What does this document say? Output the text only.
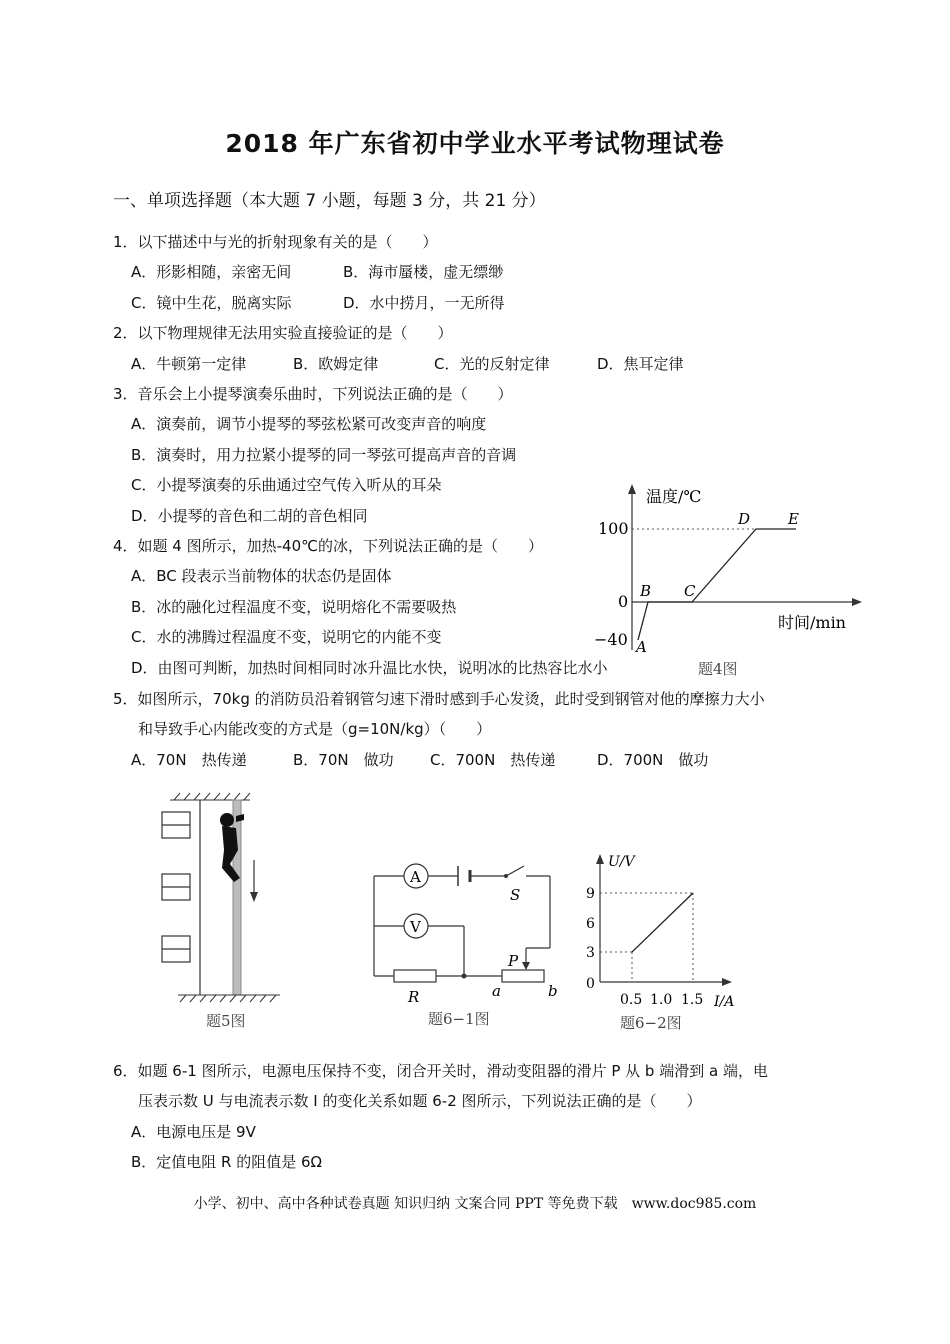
2018 年广东省初中学业水平考试物理试卷
一、单项选择题（本大题 7 小题，每题 3 分，共 21 分）
1．以下描述中与光的折射现象有关的是（　　）
A．形影相随，亲密无间	B．海市蜃楼，虚无缥缈
C．镜中生花，脱离实际	D．水中捞月，一无所得
2．以下物理规律无法用实验直接验证的是（　　）
A．牛顿第一定律	B．欧姆定律	C．光的反射定律	D．焦耳定律
3．音乐会上小提琴演奏乐曲时，下列说法正确的是（　　）
A．演奏前，调节小提琴的琴弦松紧可改变声音的响度
B．演奏时，用力拉紧小提琴的同一琴弦可提高声音的音调
C．小提琴演奏的乐曲通过空气传入听从的耳朵
D．小提琴的音色和二胡的音色相同
4．如题 4 图所示，加热-40℃的冰，下列说法正确的是（　　）
A．BC 段表示当前物体的状态仍是固体
B．冰的融化过程温度不变，说明熔化不需要吸热
C．水的沸腾过程温度不变，说明它的内能不变
D．由图可判断，加热时间相同时冰升温比水快，说明冰的比热容比水小
温度/℃
时间/min
100
0
−40 A
B C
D	E
题4图
5．如图所示，70kg 的消防员沿着钢管匀速下滑时感到手心发烫，此时受到钢管对他的摩擦力大小
和导致手心内能改变的方式是（g=10N/kg）（　　）
A．70N　热传递	B．70N　做功 C．700N　热传递	D．700N　做功
题5图
A
V
S
P
R	a	b
题6−1图
U/V
I/A
9
6
3
0
0.5 1.0 1.5
题6−2图
6．如题 6-1 图所示，电源电压保持不变，闭合开关时，滑动变阻器的滑片 P 从 b 端滑到 a 端，电
压表示数 U 与电流表示数 I 的变化关系如题 6-2 图所示，下列说法正确的是（　　）
A．电源电压是 9V
B．定值电阻 R 的阻值是 6Ω
小学、初中、高中各种试卷真题 知识归纳 文案合同 PPT 等免费下载　www.doc985.com
